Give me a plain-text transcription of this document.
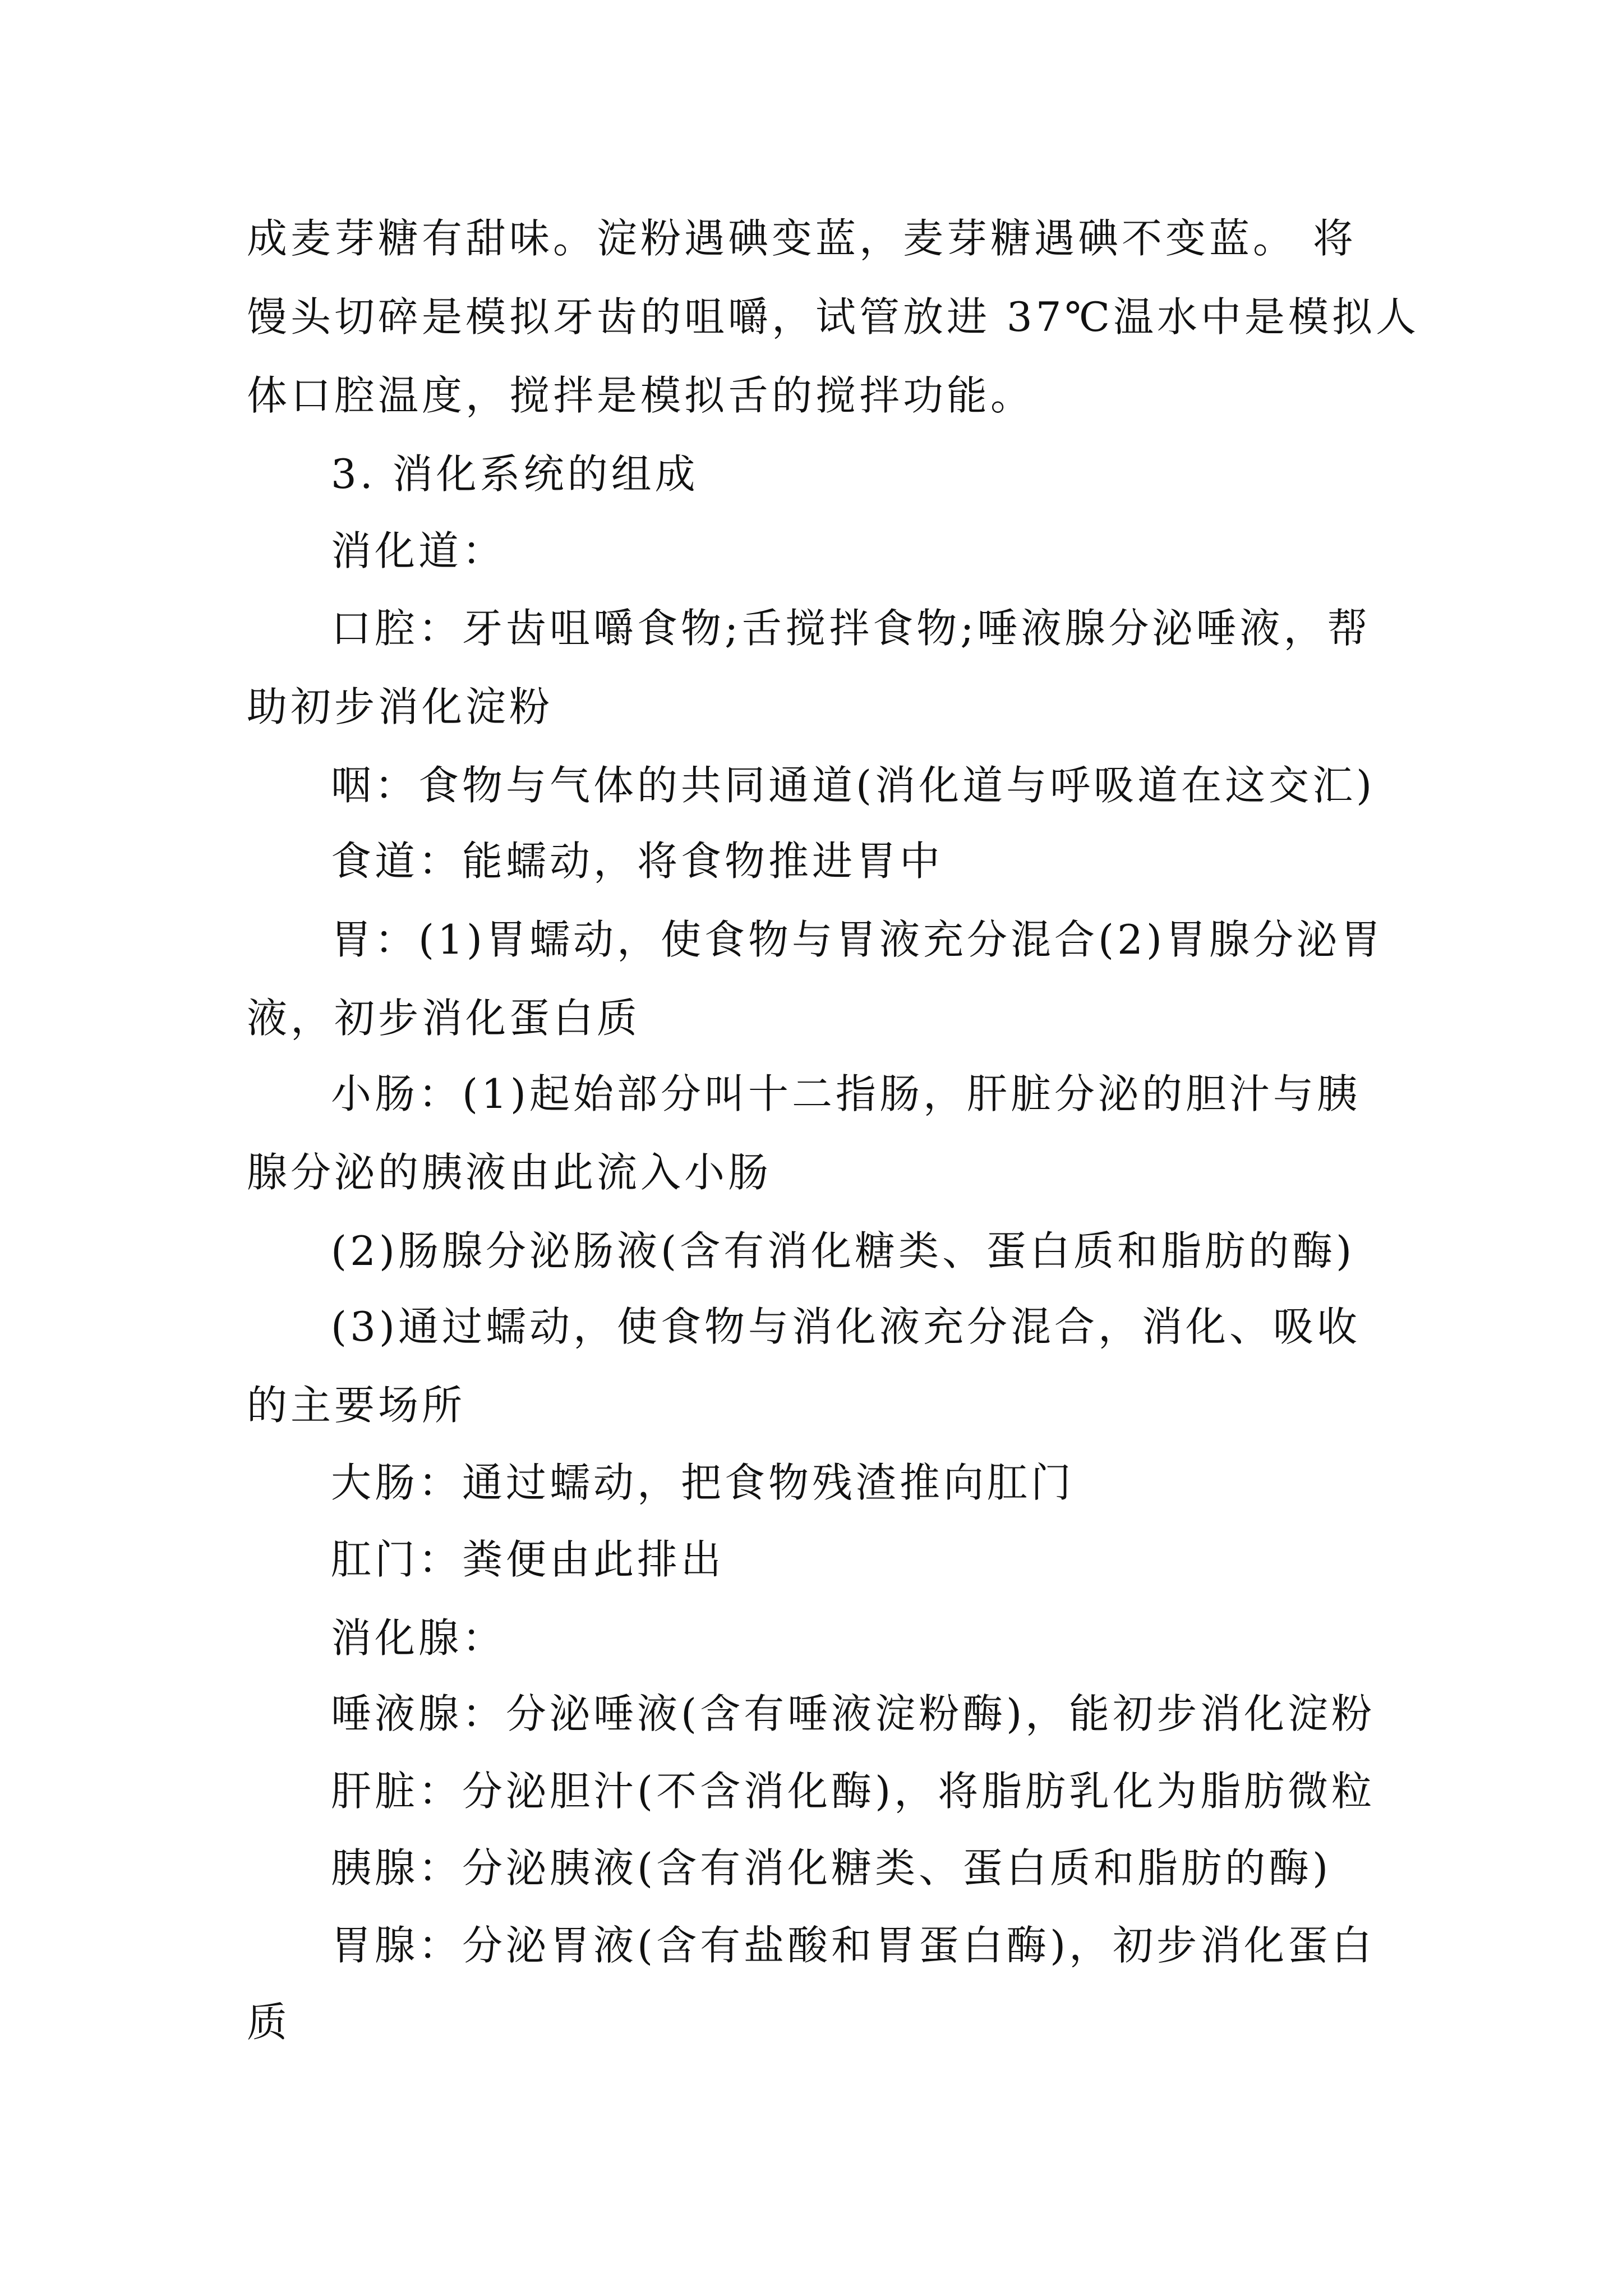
成麦芽糖有甜味。淀粉遇碘变蓝，麦芽糖遇碘不变蓝。 将
馒头切碎是模拟牙齿的咀嚼，试管放进 37℃温水中是模拟人
体口腔温度，搅拌是模拟舌的搅拌功能。
3. 消化系统的组成
消化道：
口腔：牙齿咀嚼食物;舌搅拌食物;唾液腺分泌唾液，帮
助初步消化淀粉
咽：食物与气体的共同通道(消化道与呼吸道在这交汇)
食道：能蠕动，将食物推进胃中
胃：(1)胃蠕动，使食物与胃液充分混合(2)胃腺分泌胃
液，初步消化蛋白质
小肠：(1)起始部分叫十二指肠，肝脏分泌的胆汁与胰
腺分泌的胰液由此流入小肠
(2)肠腺分泌肠液(含有消化糖类、蛋白质和脂肪的酶)
(3)通过蠕动，使食物与消化液充分混合，消化、吸收
的主要场所
大肠：通过蠕动，把食物残渣推向肛门
肛门：粪便由此排出
消化腺：
唾液腺：分泌唾液(含有唾液淀粉酶)，能初步消化淀粉
肝脏：分泌胆汁(不含消化酶)，将脂肪乳化为脂肪微粒
胰腺：分泌胰液(含有消化糖类、蛋白质和脂肪的酶)
胃腺：分泌胃液(含有盐酸和胃蛋白酶)，初步消化蛋白
质
